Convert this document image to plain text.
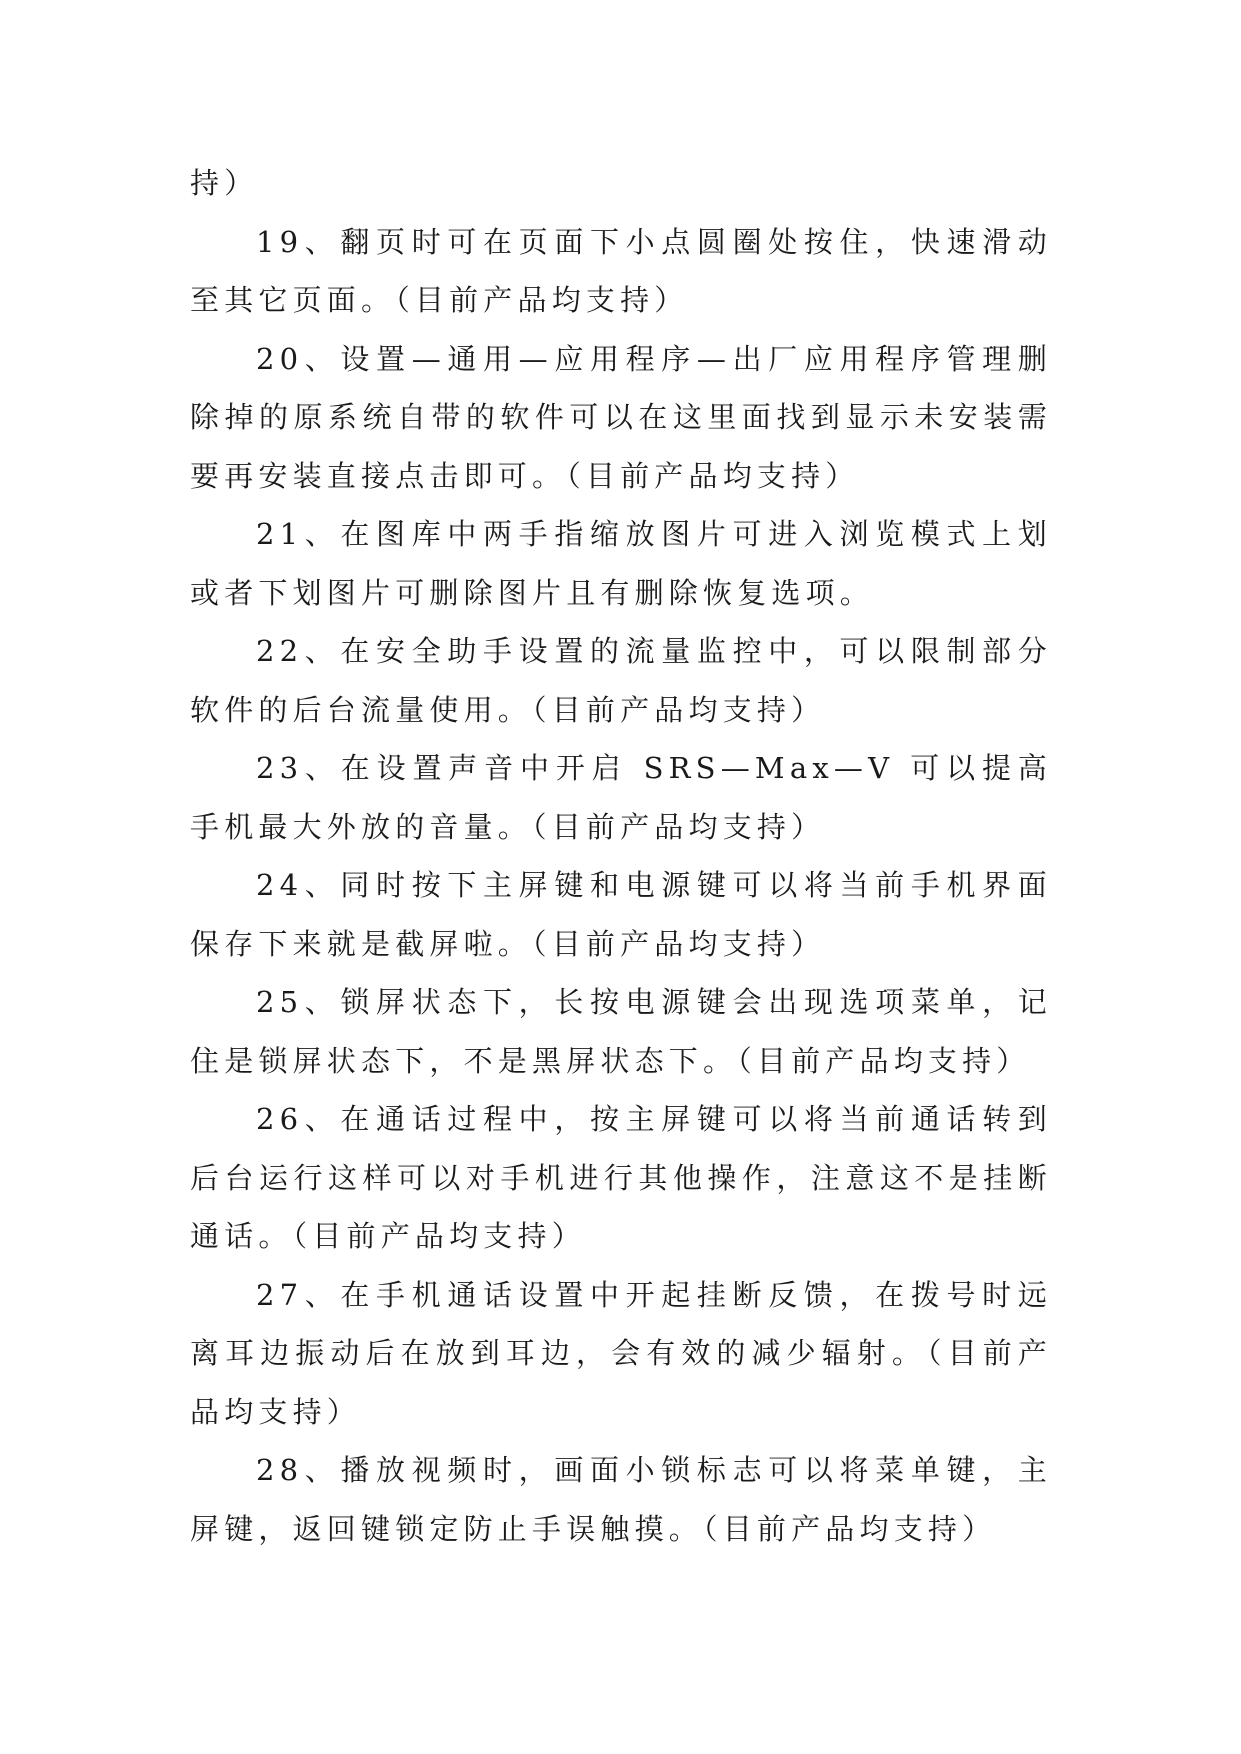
持）

19、翻页时可在页面下小点圆圈处按住，快速滑动至其它页面。（目前产品均支持）

20、设置—通用—应用程序—出厂应用程序管理删除掉的原系统自带的软件可以在这里面找到显示未安装需要再安装直接点击即可。（目前产品均支持）

21、在图库中两手指缩放图片可进入浏览模式上划或者下划图片可删除图片且有删除恢复选项。

22、在安全助手设置的流量监控中，可以限制部分软件的后台流量使用。（目前产品均支持）

23、在设置声音中开启 SRS—Max—V 可以提高手机最大外放的音量。（目前产品均支持）

24、同时按下主屏键和电源键可以将当前手机界面保存下来就是截屏啦。（目前产品均支持）

25、锁屏状态下，长按电源键会出现选项菜单，记住是锁屏状态下，不是黑屏状态下。（目前产品均支持）

26、在通话过程中，按主屏键可以将当前通话转到后台运行这样可以对手机进行其他操作，注意这不是挂断通话。（目前产品均支持）

27、在手机通话设置中开起挂断反馈，在拨号时远离耳边振动后在放到耳边，会有效的减少辐射。（目前产品均支持）

28、播放视频时，画面小锁标志可以将菜单键，主屏键，返回键锁定防止手误触摸。（目前产品均支持）
